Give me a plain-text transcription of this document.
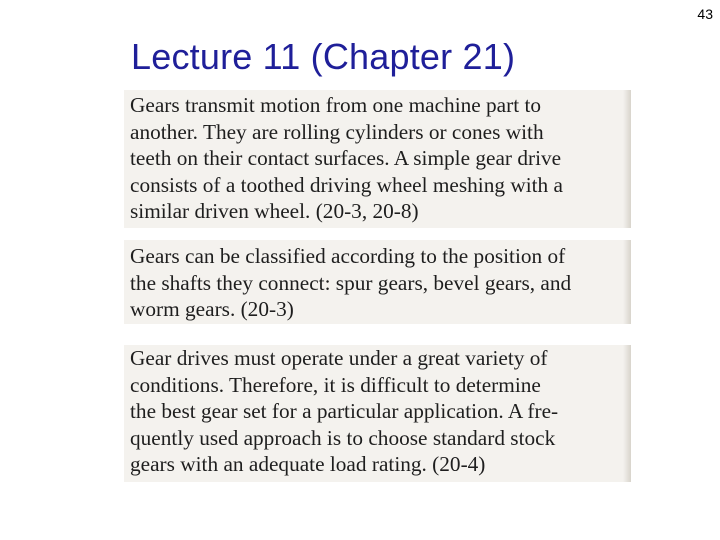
43
Lecture 11 (Chapter 21)

Gears transmit motion from one machine part to

another. They are rolling cylinders or cones with

teeth on their contact surfaces. A simple gear drive

consists of a toothed driving wheel meshing with a

similar driven wheel. (20-3, 20-8)

Gears can be classified according to the position of

the shafts they connect: spur gears, bevel gears, and

worm gears. (20-3)

Gear drives must operate under a great variety of

conditions. Therefore, it is difficult to determine

the best gear set for a particular application. A fre-

quently used approach is to choose standard stock

gears with an adequate load rating. (20-4)
